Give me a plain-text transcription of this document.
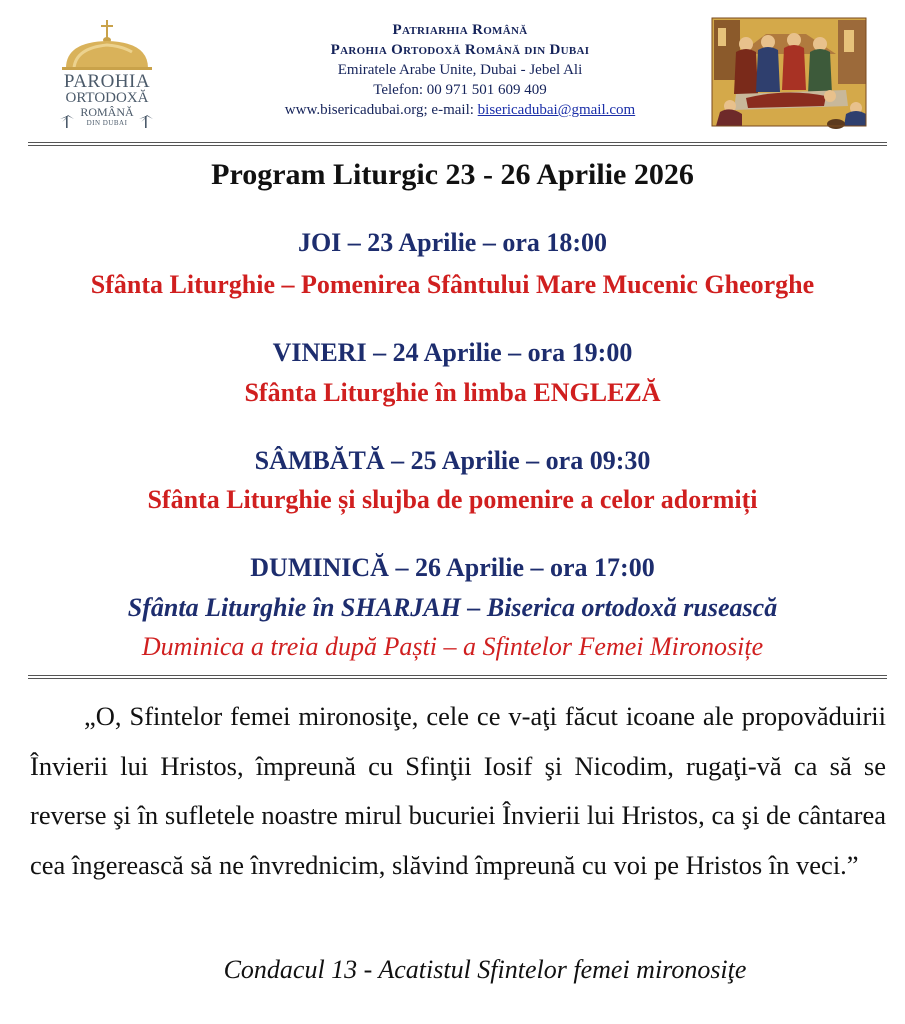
PAROHIA
ORTODOXĂ
ROMÂNĂ
DIN DUBAI
Patriarhia Română
Parohia Ortodoxă Română din Dubai
Emiratele Arabe Unite, Dubai - Jebel Ali
Telefon: 00 971 501 609 409
www.bisericadubai.org; e-mail: bisericadubai@gmail.com
Program Liturgic 23 - 26 Aprilie 2026
JOI – 23 Aprilie – ora 18:00
Sfânta Liturghie – Pomenirea Sfântului Mare Mucenic Gheorghe
VINERI – 24 Aprilie – ora 19:00
Sfânta Liturghie în limba ENGLEZĂ
SÂMBĂTĂ – 25 Aprilie – ora 09:30
Sfânta Liturghie și slujba de pomenire a celor adormiți
DUMINICĂ – 26 Aprilie – ora 17:00
Sfânta Liturghie în SHARJAH – Biserica ortodoxă rusească
Duminica a treia după Paști – a Sfintelor Femei Mironosițe
„O, Sfintelor femei mironosiţe, cele ce v-aţi făcut icoane ale propovăduirii Învierii lui Hristos, împreună cu Sfinţii Iosif şi Nicodim, rugaţi-vă ca să se reverse şi în sufletele noastre mirul bucuriei Învierii lui Hristos, ca şi de cântarea cea îngerească să ne învrednicim, slăvind împreună cu voi pe Hristos în veci.”
Condacul 13 - Acatistul Sfintelor femei mironosiţe
